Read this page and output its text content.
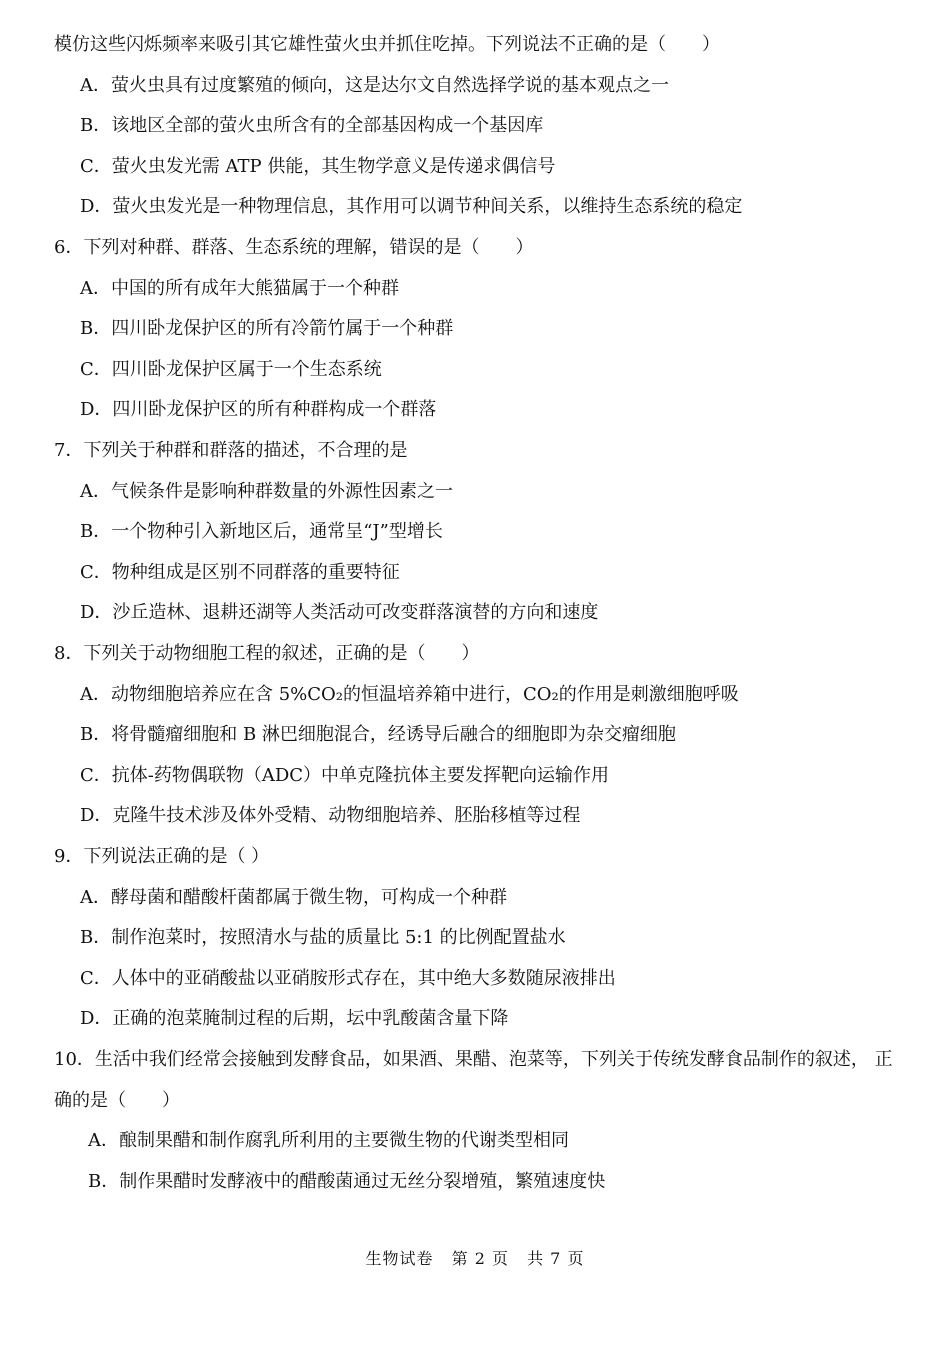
模仿这些闪烁频率来吸引其它雄性萤火虫并抓住吃掉。下列说法不正确的是（　　）
A．萤火虫具有过度繁殖的倾向，这是达尔文自然选择学说的基本观点之一
B．该地区全部的萤火虫所含有的全部基因构成一个基因库
C．萤火虫发光需 ATP 供能，其生物学意义是传递求偶信号
D．萤火虫发光是一种物理信息，其作用可以调节种间关系，以维持生态系统的稳定
6．下列对种群、群落、生态系统的理解，错误的是（　　）
A．中国的所有成年大熊猫属于一个种群
B．四川卧龙保护区的所有冷箭竹属于一个种群
C．四川卧龙保护区属于一个生态系统
D．四川卧龙保护区的所有种群构成一个群落
7．下列关于种群和群落的描述，不合理的是
A．气候条件是影响种群数量的外源性因素之一
B．一个物种引入新地区后，通常呈“J”型增长
C．物种组成是区别不同群落的重要特征
D．沙丘造林、退耕还湖等人类活动可改变群落演替的方向和速度
8．下列关于动物细胞工程的叙述，正确的是（　　）
A．动物细胞培养应在含 5%CO₂的恒温培养箱中进行，CO₂的作用是刺激细胞呼吸
B．将骨髓瘤细胞和 B 淋巴细胞混合，经诱导后融合的细胞即为杂交瘤细胞
C．抗体-药物偶联物（ADC）中单克隆抗体主要发挥靶向运输作用
D．克隆牛技术涉及体外受精、动物细胞培养、胚胎移植等过程
9．下列说法正确的是（ ）
A．酵母菌和醋酸杆菌都属于微生物，可构成一个种群
B．制作泡菜时，按照清水与盐的质量比 5:1 的比例配置盐水
C．人体中的亚硝酸盐以亚硝胺形式存在，其中绝大多数随尿液排出
D．正确的泡菜腌制过程的后期，坛中乳酸菌含量下降
10．生活中我们经常会接触到发酵食品，如果酒、果醋、泡菜等，下列关于传统发酵食品制作的叙述， 正
确的是（　　）
A．酿制果醋和制作腐乳所利用的主要微生物的代谢类型相同
B．制作果醋时发酵液中的醋酸菌通过无丝分裂增殖，繁殖速度快
生物试卷 第 2 页 共 7 页
